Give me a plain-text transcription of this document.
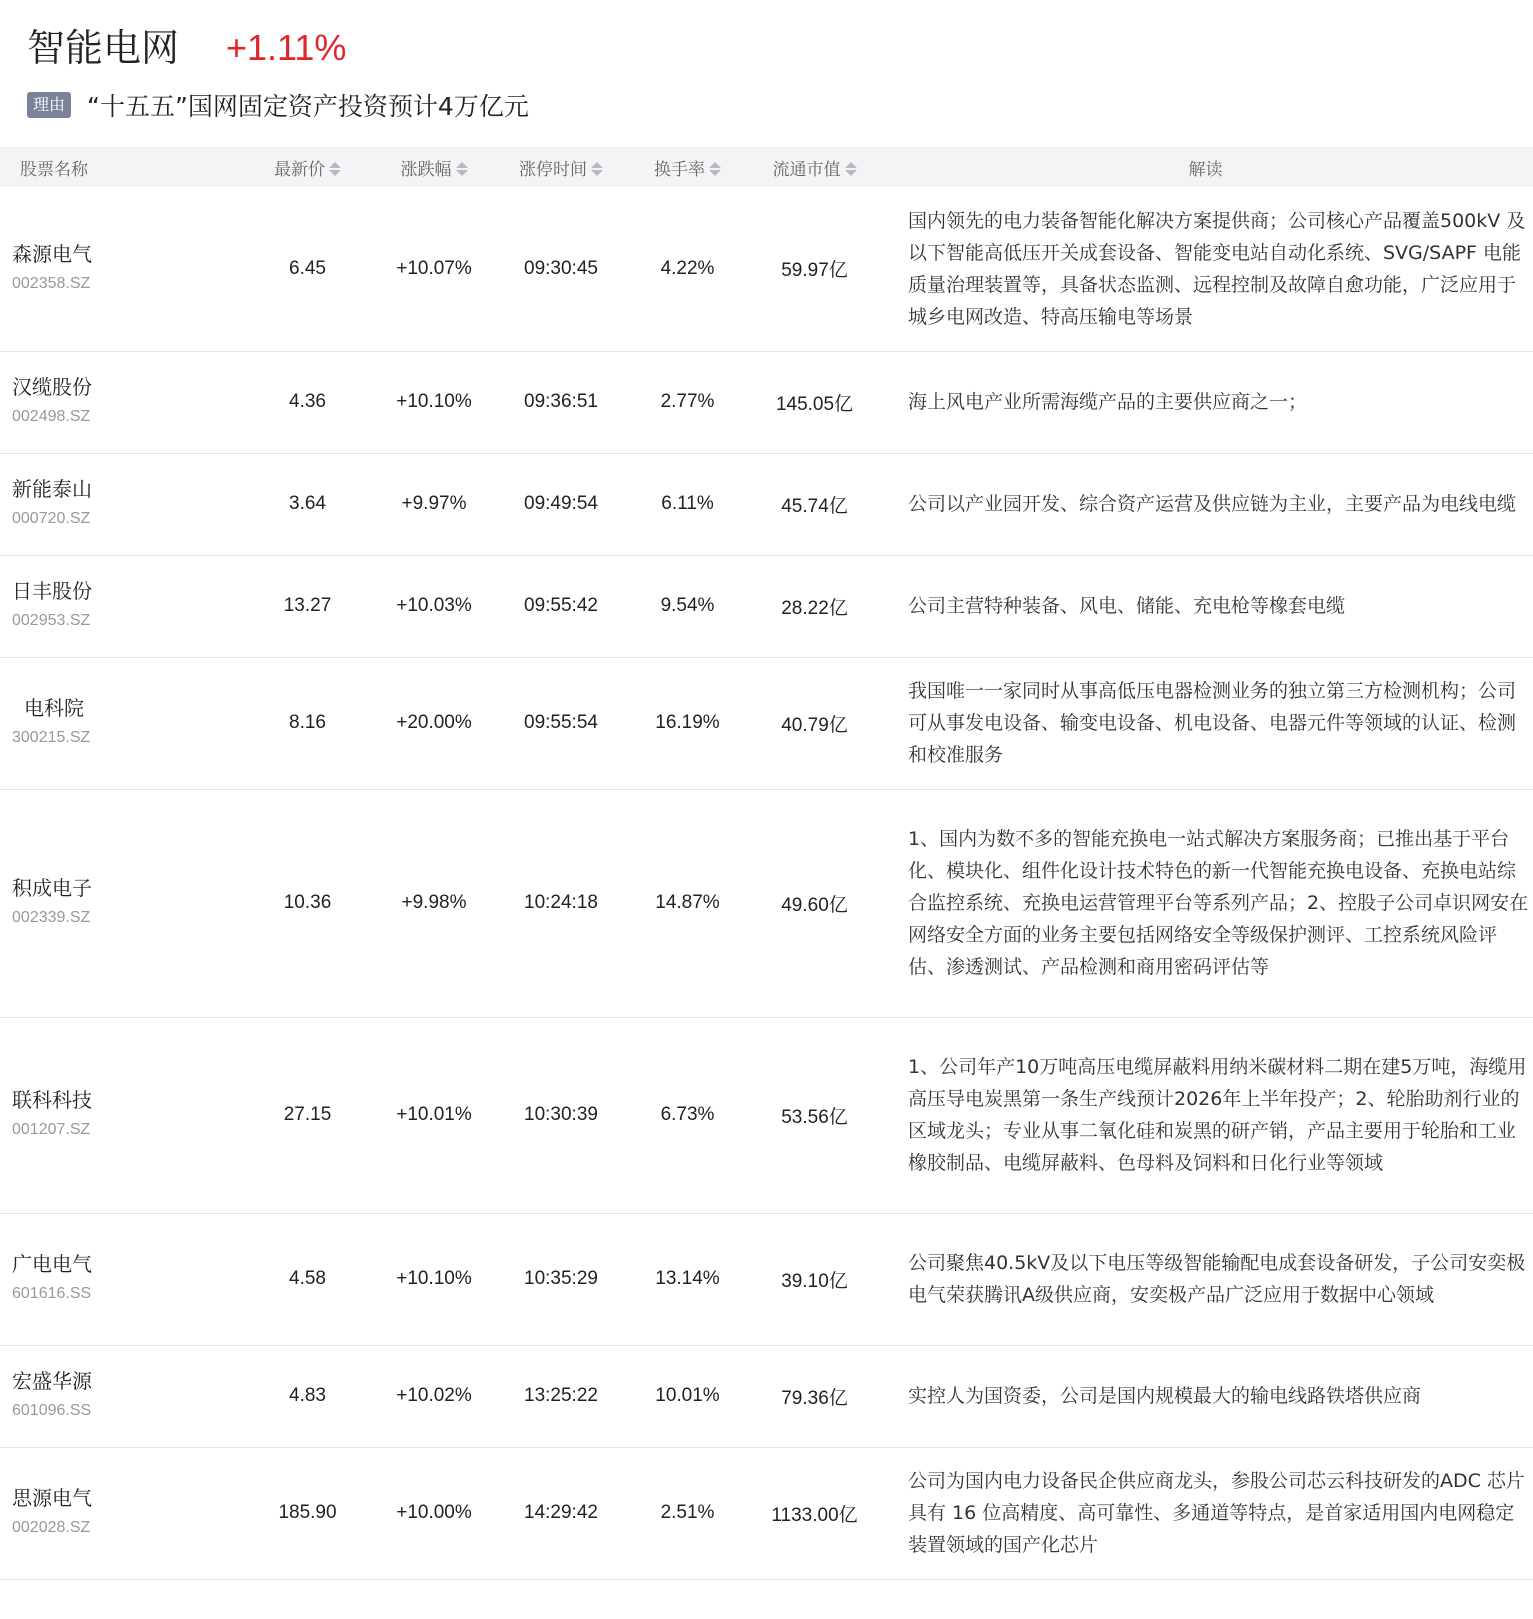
智能电网 +1.11%
理由 “十五五”国网固定资产投资预计4万亿元
股票名称	最新价	涨跌幅	涨停时间	换手率	流通市值	解读

森源电气
002358.SZ	6.45	+10.07%	09:30:45	4.22%	59.97亿	国内领先的电力装备智能化解决方案提供商；公司核心产品覆盖500kV 及以下智能高低压开关成套设备、智能变电站自动化系统、SVG/SAPF 电能质量治理装置等，具备状态监测、远程控制及故障自愈功能，广泛应用于城乡电网改造、特高压输电等场景

汉缆股份
002498.SZ	4.36	+10.10%	09:36:51	2.77%	145.05亿	海上风电产业所需海缆产品的主要供应商之一；

新能泰山
000720.SZ	3.64	+9.97%	09:49:54	6.11%	45.74亿	公司以产业园开发、综合资产运营及供应链为主业，主要产品为电线电缆

日丰股份
002953.SZ	13.27	+10.03%	09:55:42	9.54%	28.22亿	公司主营特种装备、风电、储能、充电枪等橡套电缆

电科院
300215.SZ	8.16	+20.00%	09:55:54	16.19%	40.79亿	我国唯一一家同时从事高低压电器检测业务的独立第三方检测机构；公司可从事发电设备、输变电设备、机电设备、电器元件等领域的认证、检测和校准服务

积成电子
002339.SZ	10.36	+9.98%	10:24:18	14.87%	49.60亿	1、国内为数不多的智能充换电一站式解决方案服务商；已推出基于平台化、模块化、组件化设计技术特色的新一代智能充换电设备、充换电站综合监控系统、充换电运营管理平台等系列产品；2、控股子公司卓识网安在网络安全方面的业务主要包括网络安全等级保护测评、工控系统风险评估、渗透测试、产品检测和商用密码评估等

联科科技
001207.SZ	27.15	+10.01%	10:30:39	6.73%	53.56亿	1、公司年产10万吨高压电缆屏蔽料用纳米碳材料二期在建5万吨，海缆用高压导电炭黑第一条生产线预计2026年上半年投产；2、轮胎助剂行业的区域龙头；专业从事二氧化硅和炭黑的研产销，产品主要用于轮胎和工业橡胶制品、电缆屏蔽料、色母料及饲料和日化行业等领域

广电电气
601616.SS	4.58	+10.10%	10:35:29	13.14%	39.10亿	公司聚焦40.5kV及以下电压等级智能输配电成套设备研发，子公司安奕极电气荣获腾讯A级供应商，安奕极产品广泛应用于数据中心领域

宏盛华源
601096.SS	4.83	+10.02%	13:25:22	10.01%	79.36亿	实控人为国资委，公司是国内规模最大的输电线路铁塔供应商

思源电气
002028.SZ	185.90	+10.00%	14:29:42	2.51%	1133.00亿	公司为国内电力设备民企供应商龙头，参股公司芯云科技研发的ADC 芯片具有 16 位高精度、高可靠性、多通道等特点，是首家适用国内电网稳定装置领域的国产化芯片
